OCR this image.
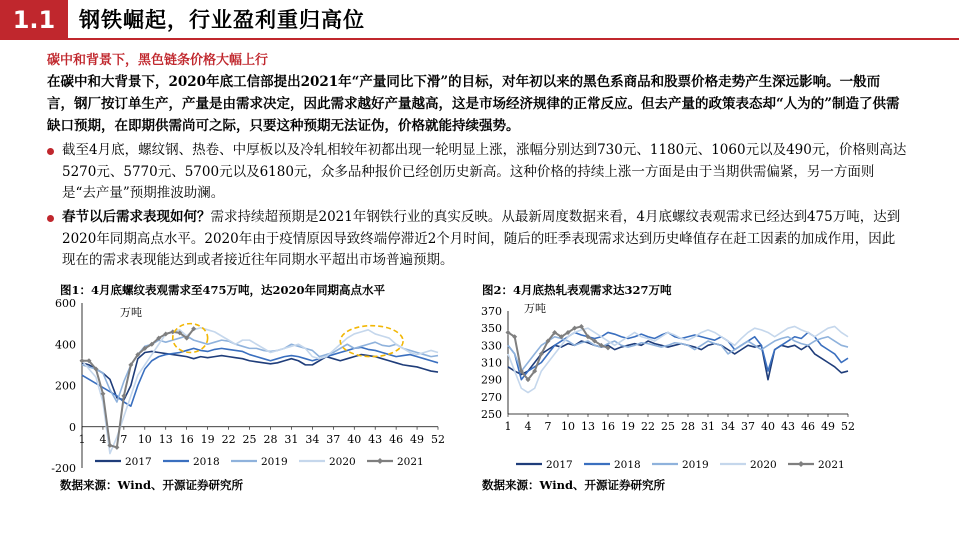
1.1	钢铁崛起，行业盈利重归高位
碳中和背景下，黑色链条价格大幅上行
在碳中和大背景下，2020年底工信部提出2021年“产量同比下滑”的目标，对年初以来的黑色系商品和股票价格走势产生深远影响。一般而言，钢厂按订单生产，产量是由需求决定，因此需求越好产量越高，这是市场经济规律的正常反应。但去产量的政策表态却“人为的”制造了供需缺口预期，在即期供需尚可之际，只要这种预期无法证伪，价格就能持续强势。
截至4月底，螺纹钢、热卷、中厚板以及冷轧相较年初都出现一轮明显上涨，涨幅分别达到730元、1180元、1060元以及490元，价格则高达5270元、5770元、5700元以及6180元，众多品种报价已经创历史新高。这种价格的持续上涨一方面是由于当期供需偏紧，另一方面则是“去产量”预期推波助澜。
春节以后需求表现如何？需求持续超预期是2021年钢铁行业的真实反映。从最新周度数据来看，4月底螺纹表观需求已经达到475万吨，达到2020年同期高点水平。2020年由于疫情原因导致终端停滞近2个月时间，随后的旺季表现需求达到历史峰值存在赶工因素的加成作用，因此现在的需求表现能达到或者接近往年同期水平超出市场普遍预期。
图1：4月底螺纹表观需求至475万吨，达2020年同期高点水平
-200
0
200
400
600
1 4 7 10 13 16 19 22 25 28 31 34 37 40 43 46 49 52
万吨
2017	2018	2019	2020	2021
数据来源：Wind、开源证券研究所
图2：4月底热轧表观需求达327万吨
250
270
290
310
330
350
370
1 4 7 10 13 16 19 22 25 28 31 34 37 40 43 46 49 52
万吨
2017	2018	2019	2020	2021
数据来源：Wind、开源证券研究所
